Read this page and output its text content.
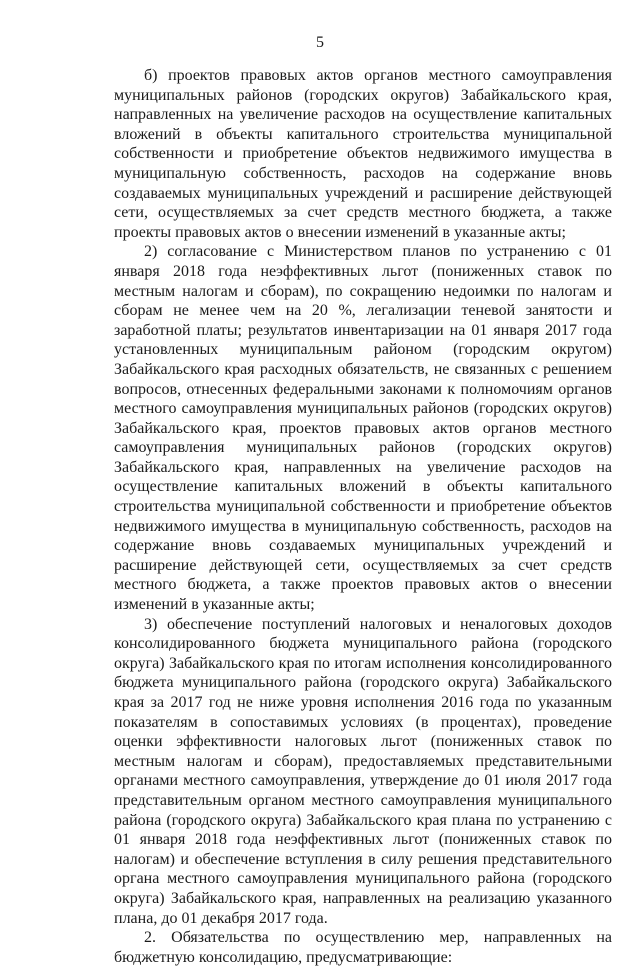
5

б) проектов правовых актов органов местного самоуправления муниципальных районов (городских округов) Забайкальского края, направленных на увеличение расходов на осуществление капитальных вложений в объекты капитального строительства муниципальной собственности и приобретение объектов недвижимого имущества в муниципальную собственность, расходов на содержание вновь создаваемых муниципальных учреждений и расширение действующей сети, осуществляемых за счет средств местного бюджета, а также проекты правовых актов о внесении изменений в указанные акты;

2) согласование с Министерством планов по устранению с 01 января 2018 года неэффективных льгот (пониженных ставок по местным налогам и сборам), по сокращению недоимки по налогам и сборам не менее чем на 20 %, легализации теневой занятости и заработной платы; результатов инвентаризации на 01 января 2017 года установленных муниципальным районом (городским округом) Забайкальского края расходных обязательств, не связанных с решением вопросов, отнесенных федеральными законами к полномочиям органов местного самоуправления муниципальных районов (городских округов) Забайкальского края, проектов правовых актов органов местного самоуправления муниципальных районов (городских округов) Забайкальского края, направленных на увеличение расходов на осуществление капитальных вложений в объекты капитального строительства муниципальной собственности и приобретение объектов недвижимого имущества в муниципальную собственность, расходов на содержание вновь создаваемых муниципальных учреждений и расширение действующей сети, осуществляемых за счет средств местного бюджета, а также проектов правовых актов о внесении изменений в указанные акты;

3) обеспечение поступлений налоговых и неналоговых доходов консолидированного бюджета муниципального района (городского округа) Забайкальского края по итогам исполнения консолидированного бюджета муниципального района (городского округа) Забайкальского края за 2017 год не ниже уровня исполнения 2016 года по указанным показателям в сопоставимых условиях (в процентах), проведение оценки эффективности налоговых льгот (пониженных ставок по местным налогам и сборам), предоставляемых представительными органами местного самоуправления, утверждение до 01 июля 2017 года представительным органом местного самоуправления муниципального района (городского округа) Забайкальского края плана по устранению с 01 января 2018 года неэффективных льгот (пониженных ставок по налогам) и обеспечение вступления в силу решения представительного органа местного самоуправления муниципального района (городского округа) Забайкальского края, направленных на реализацию указанного плана, до 01 декабря 2017 года.

2. Обязательства по осуществлению мер, направленных на бюджетную консолидацию, предусматривающие:
